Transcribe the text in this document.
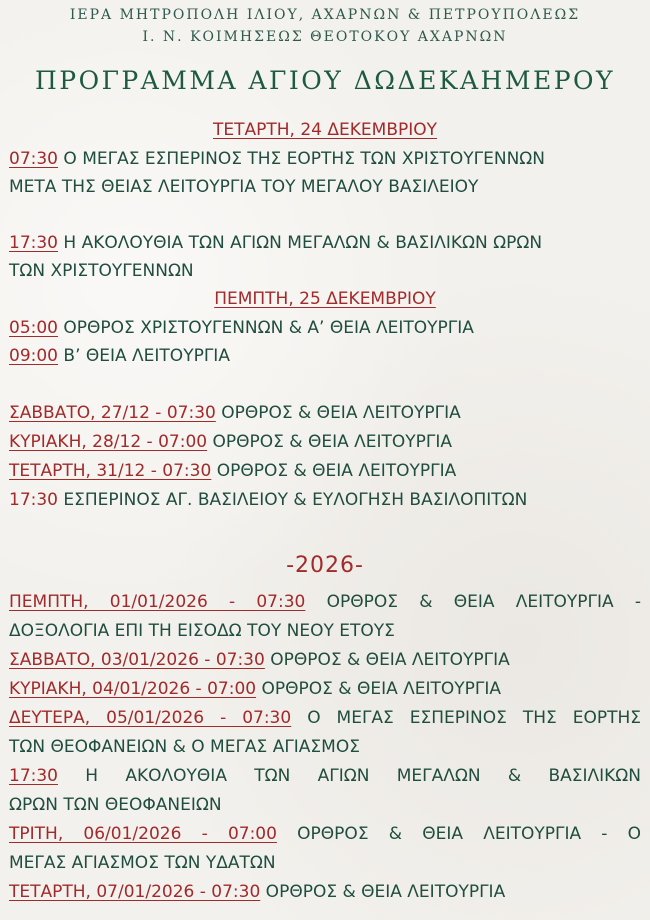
ΙΕΡΑ ΜΗΤΡΟΠΟΛΗ ΙΛΙΟΥ, ΑΧΑΡΝΩΝ & ΠΕΤΡΟΥΠΟΛΕΩΣ
Ι. Ν. ΚΟΙΜΗΣΕΩΣ ΘΕΟΤΟΚΟΥ ΑΧΑΡΝΩΝ
ΠΡΟΓΡΑΜΜΑ ΑΓΙΟΥ ΔΩΔΕΚΑΗΜΕΡΟΥ
ΤΕΤΑΡΤΗ, 24 ΔΕΚΕΜΒΡΙΟΥ
07:30 Ο ΜΕΓΑΣ ΕΣΠΕΡΙΝΟΣ ΤΗΣ ΕΟΡΤΗΣ ΤΩΝ ΧΡΙΣΤΟΥΓΕΝΝΩΝ
ΜΕΤΑ ΤΗΣ ΘΕΙΑΣ ΛΕΙΤΟΥΡΓΙΑ ΤΟΥ ΜΕΓΑΛΟΥ ΒΑΣΙΛΕΙΟΥ
17:30 Η ΑΚΟΛΟΥΘΙΑ ΤΩΝ ΑΓΙΩΝ ΜΕΓΑΛΩΝ & ΒΑΣΙΛΙΚΩΝ ΩΡΩΝ
ΤΩΝ ΧΡΙΣΤΟΥΓΕΝΝΩΝ
ΠΕΜΠΤΗ, 25 ΔΕΚΕΜΒΡΙΟΥ
05:00 ΟΡΘΡΟΣ ΧΡΙΣΤΟΥΓΕΝΝΩΝ & Α’ ΘΕΙΑ ΛΕΙΤΟΥΡΓΙΑ
09:00 Β’ ΘΕΙΑ ΛΕΙΤΟΥΡΓΙΑ
ΣΑΒΒΑΤΟ, 27/12 - 07:30 ΟΡΘΡΟΣ & ΘΕΙΑ ΛΕΙΤΟΥΡΓΙΑ
ΚΥΡΙΑΚΗ, 28/12 - 07:00 ΟΡΘΡΟΣ & ΘΕΙΑ ΛΕΙΤΟΥΡΓΙΑ
ΤΕΤΑΡΤΗ, 31/12 - 07:30 ΟΡΘΡΟΣ & ΘΕΙΑ ΛΕΙΤΟΥΡΓΙΑ
17:30 ΕΣΠΕΡΙΝΟΣ ΑΓ. ΒΑΣΙΛΕΙΟΥ & ΕΥΛΟΓΗΣΗ ΒΑΣΙΛΟΠΙΤΩΝ
-2026-
ΠΕΜΠΤΗ, 01/01/2026 - 07:30 ΟΡΘΡΟΣ & ΘΕΙΑ ΛΕΙΤΟΥΡΓΙΑ -
ΔΟΞΟΛΟΓΙΑ ΕΠΙ ΤΗ ΕΙΣΟΔΩ ΤΟΥ ΝΕΟΥ ΕΤΟΥΣ
ΣΑΒΒΑΤΟ, 03/01/2026 - 07:30 ΟΡΘΡΟΣ & ΘΕΙΑ ΛΕΙΤΟΥΡΓΙΑ
ΚΥΡΙΑΚΗ, 04/01/2026 - 07:00 ΟΡΘΡΟΣ & ΘΕΙΑ ΛΕΙΤΟΥΡΓΙΑ
ΔΕΥΤΕΡΑ, 05/01/2026 - 07:30 Ο ΜΕΓΑΣ ΕΣΠΕΡΙΝΟΣ ΤΗΣ ΕΟΡΤΗΣ
ΤΩΝ ΘΕΟΦΑΝΕΙΩΝ & Ο ΜΕΓΑΣ ΑΓΙΑΣΜΟΣ
17:30 Η ΑΚΟΛΟΥΘΙΑ ΤΩΝ ΑΓΙΩΝ ΜΕΓΑΛΩΝ & ΒΑΣΙΛΙΚΩΝ
ΩΡΩΝ ΤΩΝ ΘΕΟΦΑΝΕΙΩΝ
ΤΡΙΤΗ, 06/01/2026 - 07:00 ΟΡΘΡΟΣ & ΘΕΙΑ ΛΕΙΤΟΥΡΓΙΑ - Ο
ΜΕΓΑΣ ΑΓΙΑΣΜΟΣ ΤΩΝ ΥΔΑΤΩΝ
ΤΕΤΑΡΤΗ, 07/01/2026 - 07:30 ΟΡΘΡΟΣ & ΘΕΙΑ ΛΕΙΤΟΥΡΓΙΑ
